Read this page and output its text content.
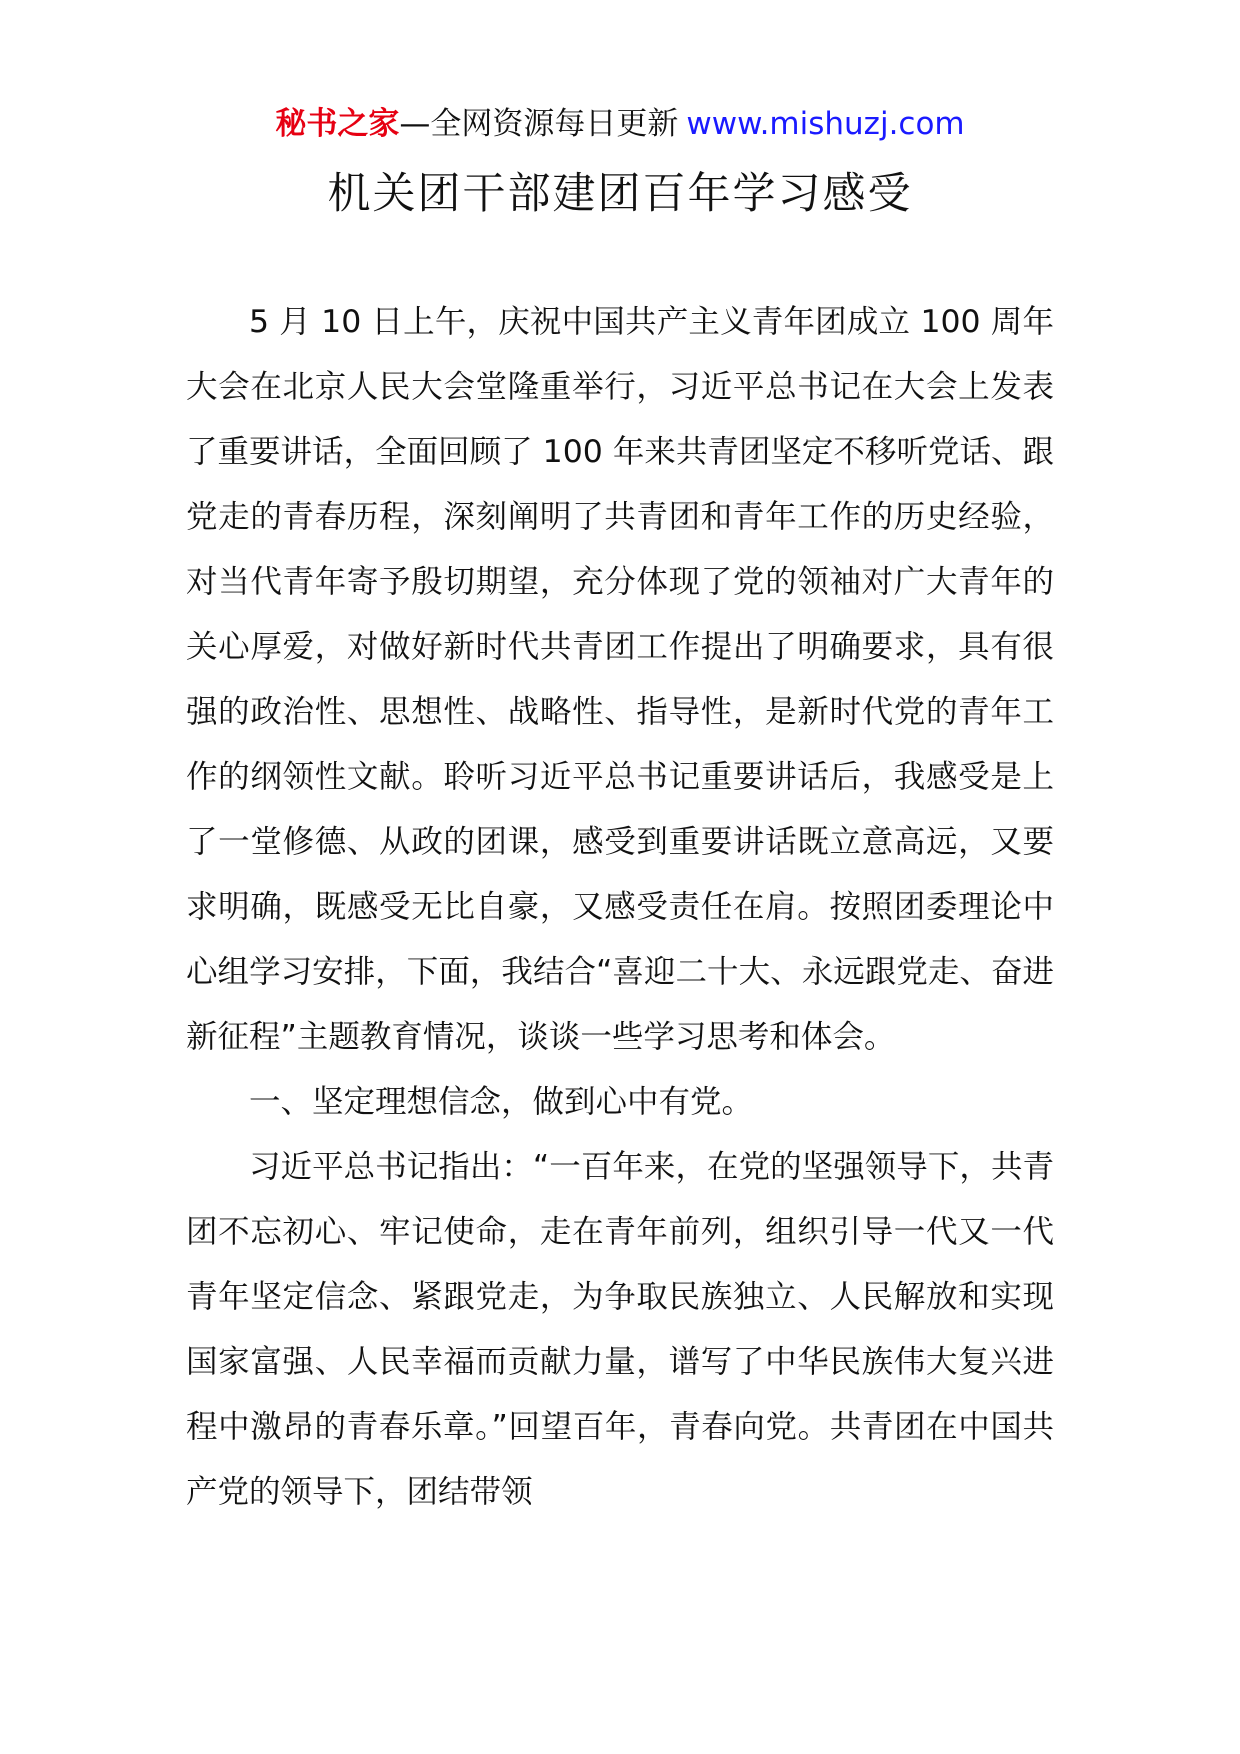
秘书之家—全网资源每日更新 www.mishuzj.com
机关团干部建团百年学习感受

5 月 10 日上午，庆祝中国共产主义青年团成立 100 周年大会在北京人民大会堂隆重举行，习近平总书记在大会上发表了重要讲话，全面回顾了 100 年来共青团坚定不移听党话、跟党走的青春历程，深刻阐明了共青团和青年工作的历史经验，对当代青年寄予殷切期望，充分体现了党的领袖对广大青年的关心厚爱，对做好新时代共青团工作提出了明确要求，具有很强的政治性、思想性、战略性、指导性，是新时代党的青年工作的纲领性文献。聆听习近平总书记重要讲话后，我感受是上了一堂修德、从政的团课，感受到重要讲话既立意高远，又要求明确，既感受无比自豪，又感受责任在肩。按照团委理论中心组学习安排，下面，我结合“喜迎二十大、永远跟党走、奋进新征程”主题教育情况，谈谈一些学习思考和体会。

一、坚定理想信念，做到心中有党。

习近平总书记指出：“一百年来，在党的坚强领导下，共青团不忘初心、牢记使命，走在青年前列，组织引导一代又一代青年坚定信念、紧跟党走，为争取民族独立、人民解放和实现国家富强、人民幸福而贡献力量，谱写了中华民族伟大复兴进程中激昂的青春乐章。”回望百年，青春向党。共青团在中国共产党的领导下，团结带领
